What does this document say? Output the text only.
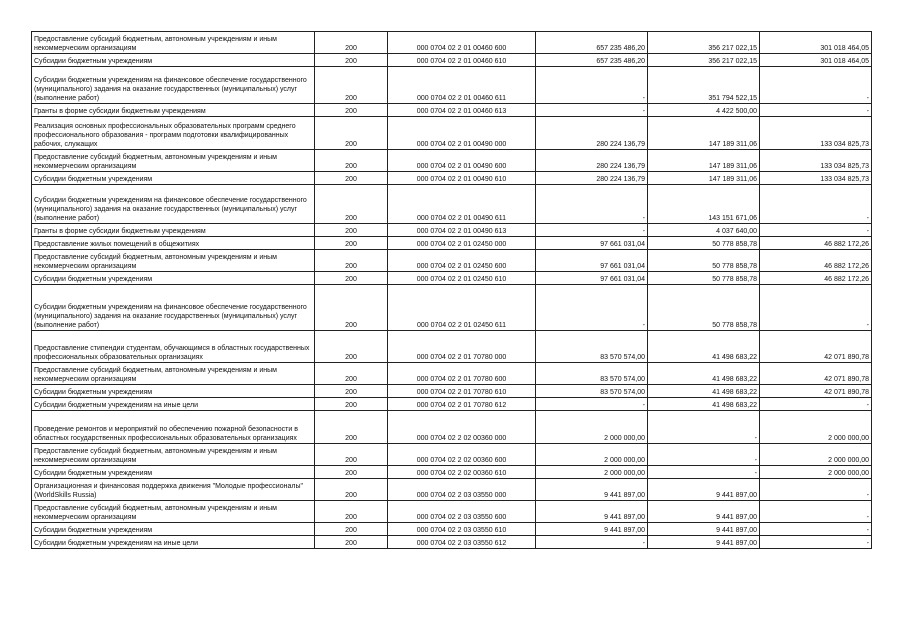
Предоставление субсидий бюджетным, автономным учреждениям и иным некоммерческим организациям	200	000 0704 02 2 01 00460 600	657 235 486,20	356 217 022,15	301 018 464,05
Субсидии бюджетным учреждениям	200	000 0704 02 2 01 00460 610	657 235 486,20	356 217 022,15	301 018 464,05
Субсидии бюджетным учреждениям на финансовое обеспечение государственного (муниципального) задания на оказание государственных (муниципальных) услуг (выполнение работ)	200	000 0704 02 2 01 00460 611	-	351 794 522,15	-
Гранты в форме субсидии бюджетным учреждениям	200	000 0704 02 2 01 00460 613	-	4 422 500,00	-
Реализация основных профессиональных образовательных программ среднего профессионального образования - программ подготовки квалифицированных рабочих, служащих	200	000 0704 02 2 01 00490 000	280 224 136,79	147 189 311,06	133 034 825,73
Предоставление субсидий бюджетным, автономным учреждениям и иным некоммерческим организациям	200	000 0704 02 2 01 00490 600	280 224 136,79	147 189 311,06	133 034 825,73
Субсидии бюджетным учреждениям	200	000 0704 02 2 01 00490 610	280 224 136,79	147 189 311,06	133 034 825,73
Субсидии бюджетным учреждениям на финансовое обеспечение государственного (муниципального) задания на оказание государственных (муниципальных) услуг (выполнение работ)	200	000 0704 02 2 01 00490 611	-	143 151 671,06	-
Гранты в форме субсидии бюджетным учреждениям	200	000 0704 02 2 01 00490 613	-	4 037 640,00	-
Предоставление жилых помещений в общежитиях	200	000 0704 02 2 01 02450 000	97 661 031,04	50 778 858,78	46 882 172,26
Предоставление субсидий бюджетным, автономным учреждениям и иным некоммерческим организациям	200	000 0704 02 2 01 02450 600	97 661 031,04	50 778 858,78	46 882 172,26
Субсидии бюджетным учреждениям	200	000 0704 02 2 01 02450 610	97 661 031,04	50 778 858,78	46 882 172,26
Субсидии бюджетным учреждениям на финансовое обеспечение государственного (муниципального) задания на оказание государственных (муниципальных) услуг (выполнение работ)	200	000 0704 02 2 01 02450 611	-	50 778 858,78	-
Предоставление стипендии студентам, обучающимся в областных государственных профессиональных образовательных организациях	200	000 0704 02 2 01 70780 000	83 570 574,00	41 498 683,22	42 071 890,78
Предоставление субсидий бюджетным, автономным учреждениям и иным некоммерческим организациям	200	000 0704 02 2 01 70780 600	83 570 574,00	41 498 683,22	42 071 890,78
Субсидии бюджетным учреждениям	200	000 0704 02 2 01 70780 610	83 570 574,00	41 498 683,22	42 071 890,78
Субсидии бюджетным учреждениям на иные цели	200	000 0704 02 2 01 70780 612	-	41 498 683,22	-
Проведение ремонтов и мероприятий по обеспечению пожарной безопасности в областных государственных профессиональных образовательных организациях	200	000 0704 02 2 02 00360 000	2 000 000,00	-	2 000 000,00
Предоставление субсидий бюджетным, автономным учреждениям и иным некоммерческим организациям	200	000 0704 02 2 02 00360 600	2 000 000,00	-	2 000 000,00
Субсидии бюджетным учреждениям	200	000 0704 02 2 02 00360 610	2 000 000,00	-	2 000 000,00
Организационная и финансовая поддержка движения "Молодые профессионалы" (WorldSkills Russia)	200	000 0704 02 2 03 03550 000	9 441 897,00	9 441 897,00	-
Предоставление субсидий бюджетным, автономным учреждениям и иным некоммерческим организациям	200	000 0704 02 2 03 03550 600	9 441 897,00	9 441 897,00	-
Субсидии бюджетным учреждениям	200	000 0704 02 2 03 03550 610	9 441 897,00	9 441 897,00	-
Субсидии бюджетным учреждениям на иные цели	200	000 0704 02 2 03 03550 612	-	9 441 897,00	-
